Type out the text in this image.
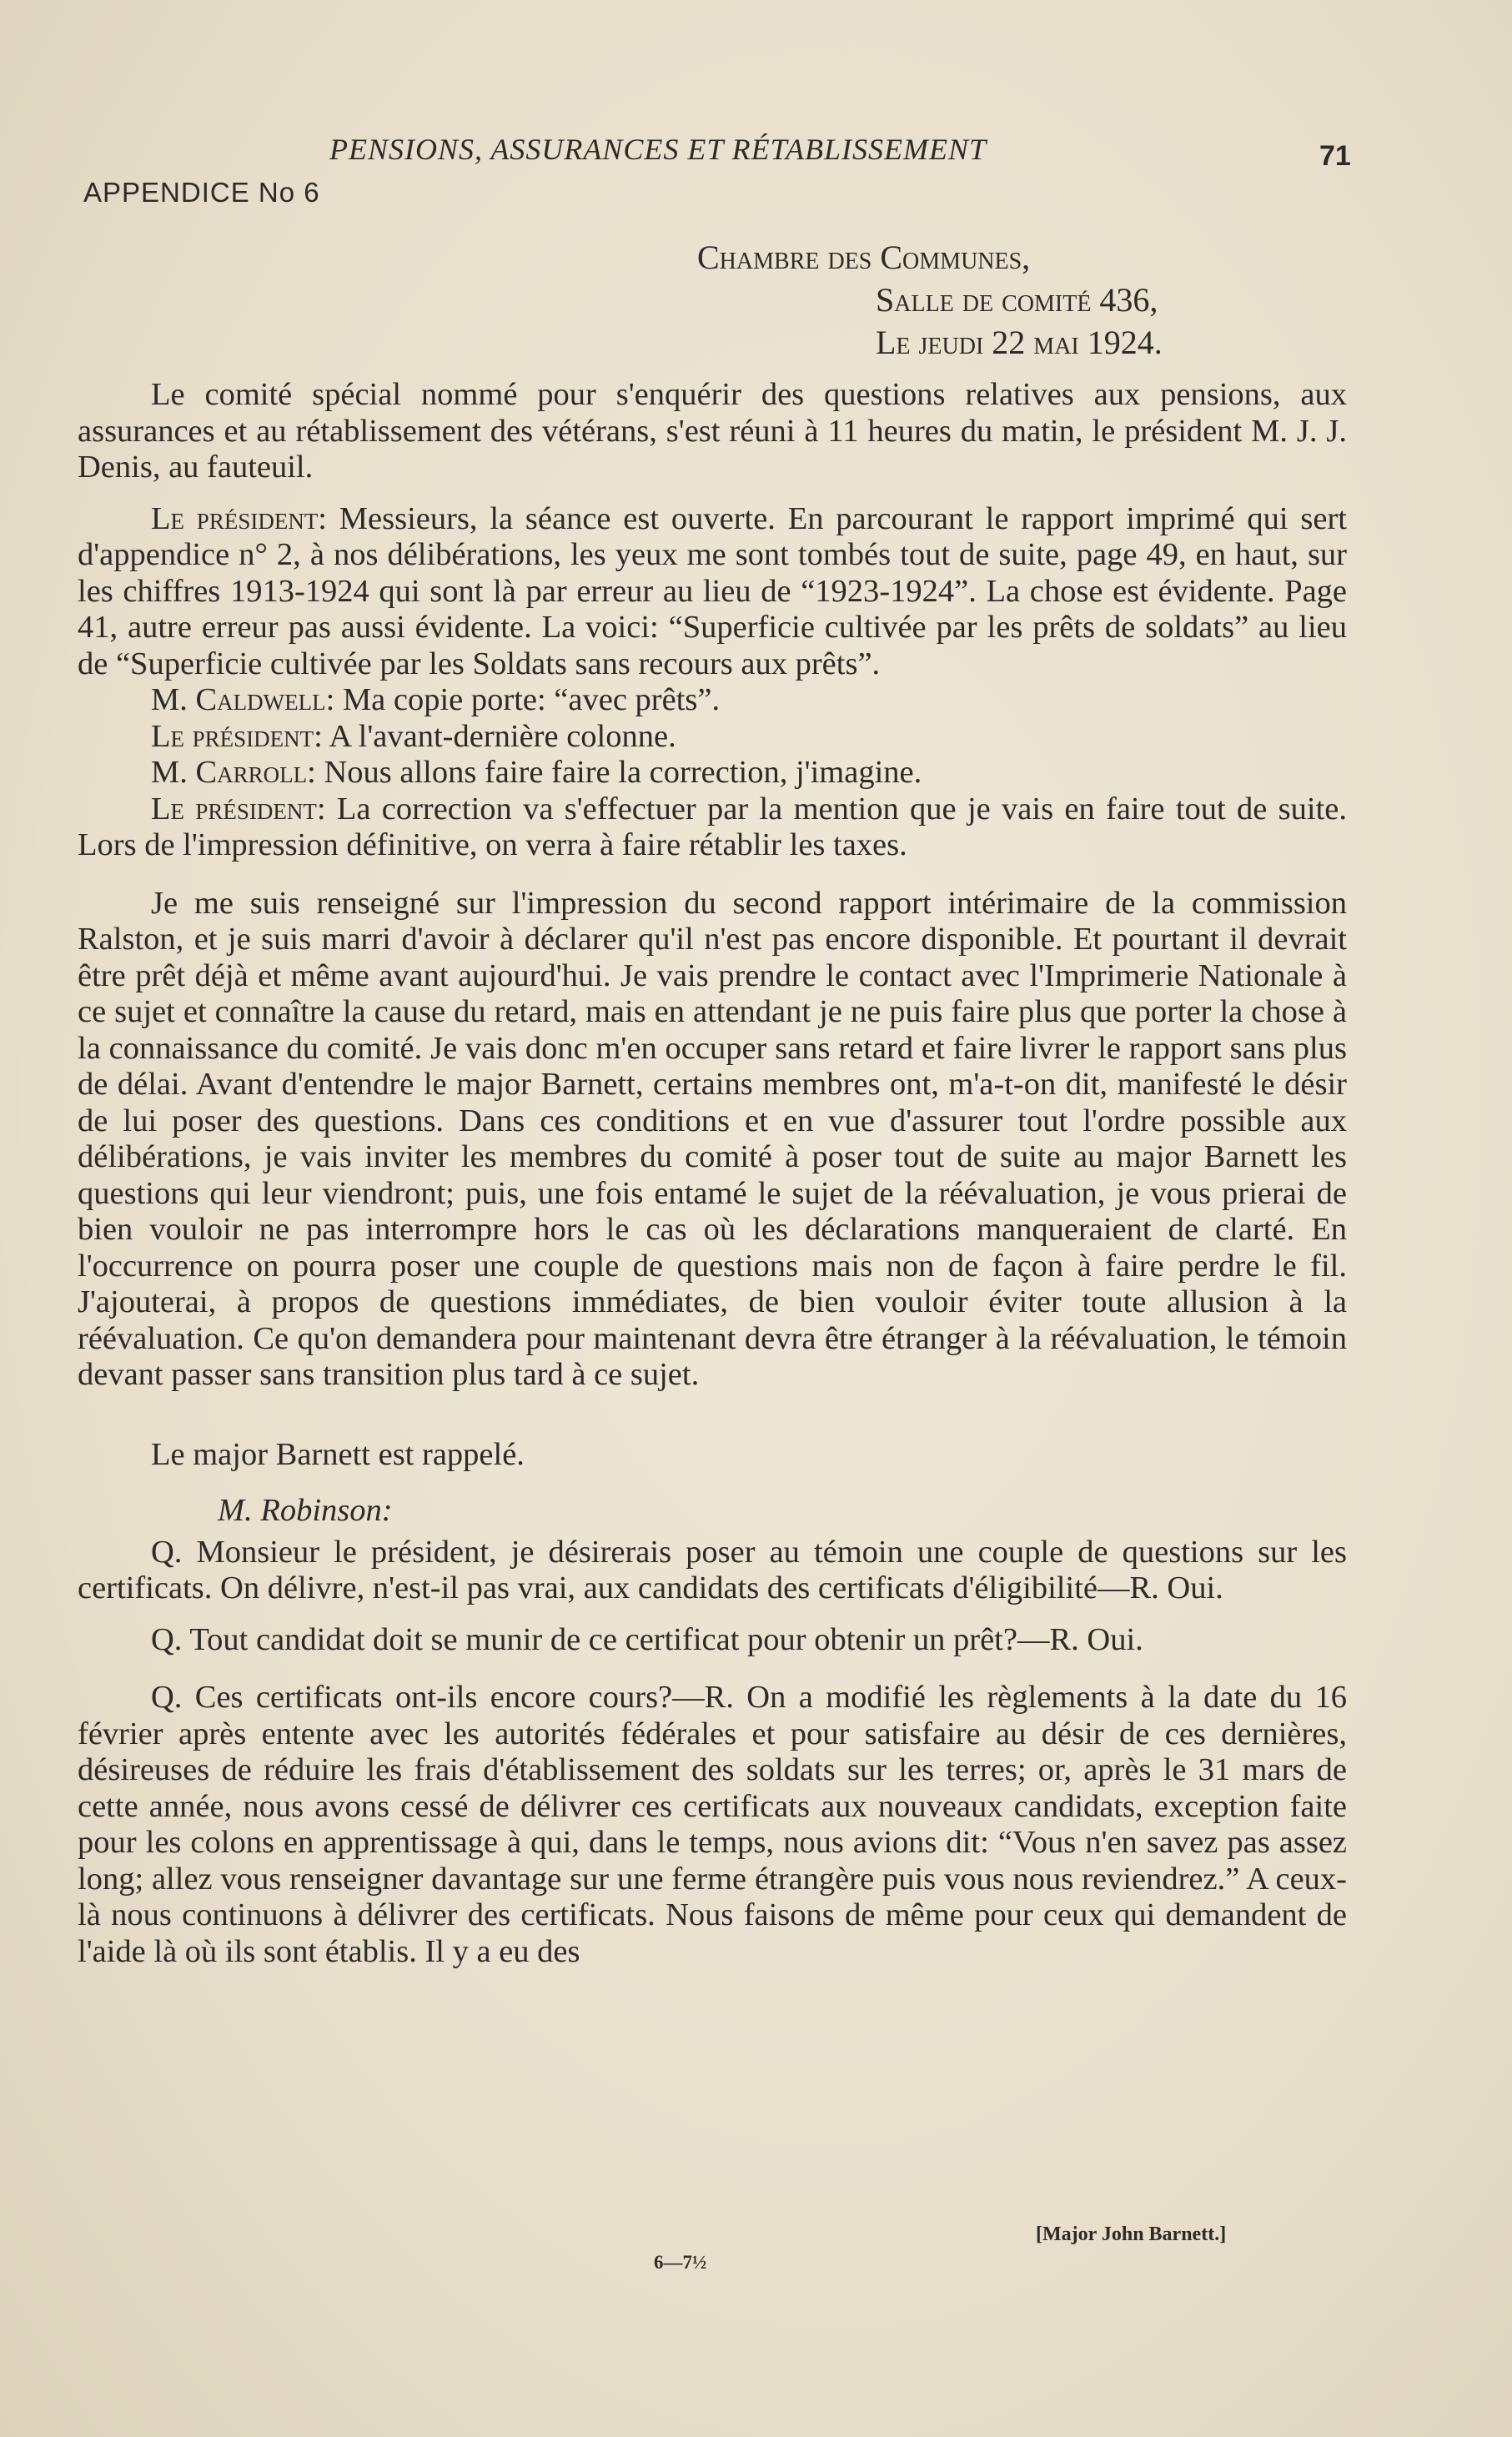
PENSIONS, ASSURANCES ET RÉTABLISSEMENT	71
APPENDICE No 6
Chambre des Communes,
Salle de comité 436,
Le jeudi 22 mai 1924.

Le comité spécial nommé pour s'enquérir des questions relatives aux pensions, aux assurances et au rétablissement des vétérans, s'est réuni à 11 heures du matin, le président M. J. J. Denis, au fauteuil.

Le président: Messieurs, la séance est ouverte. En parcourant le rapport imprimé qui sert d'appendice n° 2, à nos délibérations, les yeux me sont tombés tout de suite, page 49, en haut, sur les chiffres 1913-1924 qui sont là par erreur au lieu de “1923-1924”. La chose est évidente. Page 41, autre erreur pas aussi évidente. La voici: “Superficie cultivée par les prêts de soldats” au lieu de “Superficie cultivée par les Soldats sans recours aux prêts”.

M. Caldwell: Ma copie porte: “avec prêts”.

Le président: A l'avant-dernière colonne.

M. Carroll: Nous allons faire faire la correction, j'imagine.

Le président: La correction va s'effectuer par la mention que je vais en faire tout de suite. Lors de l'impression définitive, on verra à faire rétablir les taxes.

Je me suis renseigné sur l'impression du second rapport intérimaire de la commission Ralston, et je suis marri d'avoir à déclarer qu'il n'est pas encore disponible. Et pourtant il devrait être prêt déjà et même avant aujourd'hui. Je vais prendre le contact avec l'Imprimerie Nationale à ce sujet et connaître la cause du retard, mais en attendant je ne puis faire plus que porter la chose à la connaissance du comité. Je vais donc m'en occuper sans retard et faire livrer le rapport sans plus de délai. Avant d'entendre le major Barnett, certains membres ont, m'a-t-on dit, manifesté le désir de lui poser des questions. Dans ces conditions et en vue d'assurer tout l'ordre possible aux délibérations, je vais inviter les membres du comité à poser tout de suite au major Barnett les questions qui leur viendront; puis, une fois entamé le sujet de la réévaluation, je vous prierai de bien vouloir ne pas interrompre hors le cas où les déclarations manqueraient de clarté. En l'occurrence on pourra poser une couple de questions mais non de façon à faire perdre le fil. J'ajouterai, à propos de questions immédiates, de bien vouloir éviter toute allusion à la réévaluation. Ce qu'on demandera pour maintenant devra être étranger à la réévaluation, le témoin devant passer sans transition plus tard à ce sujet.

Le major Barnett est rappelé.

M. Robinson:

Q. Monsieur le président, je désirerais poser au témoin une couple de questions sur les certificats. On délivre, n'est-il pas vrai, aux candidats des certificats d'éligibilité—R. Oui.

Q. Tout candidat doit se munir de ce certificat pour obtenir un prêt?—R. Oui.

Q. Ces certificats ont-ils encore cours?—R. On a modifié les règlements à la date du 16 février après entente avec les autorités fédérales et pour satisfaire au désir de ces dernières, désireuses de réduire les frais d'établissement des soldats sur les terres; or, après le 31 mars de cette année, nous avons cessé de délivrer ces certificats aux nouveaux candidats, exception faite pour les colons en apprentissage à qui, dans le temps, nous avions dit: “Vous n'en savez pas assez long; allez vous renseigner davantage sur une ferme étrangère puis vous nous reviendrez.” A ceux-là nous continuons à délivrer des certificats. Nous faisons de même pour ceux qui demandent de l'aide là où ils sont établis. Il y a eu des

[Major John Barnett.]
6—7½
